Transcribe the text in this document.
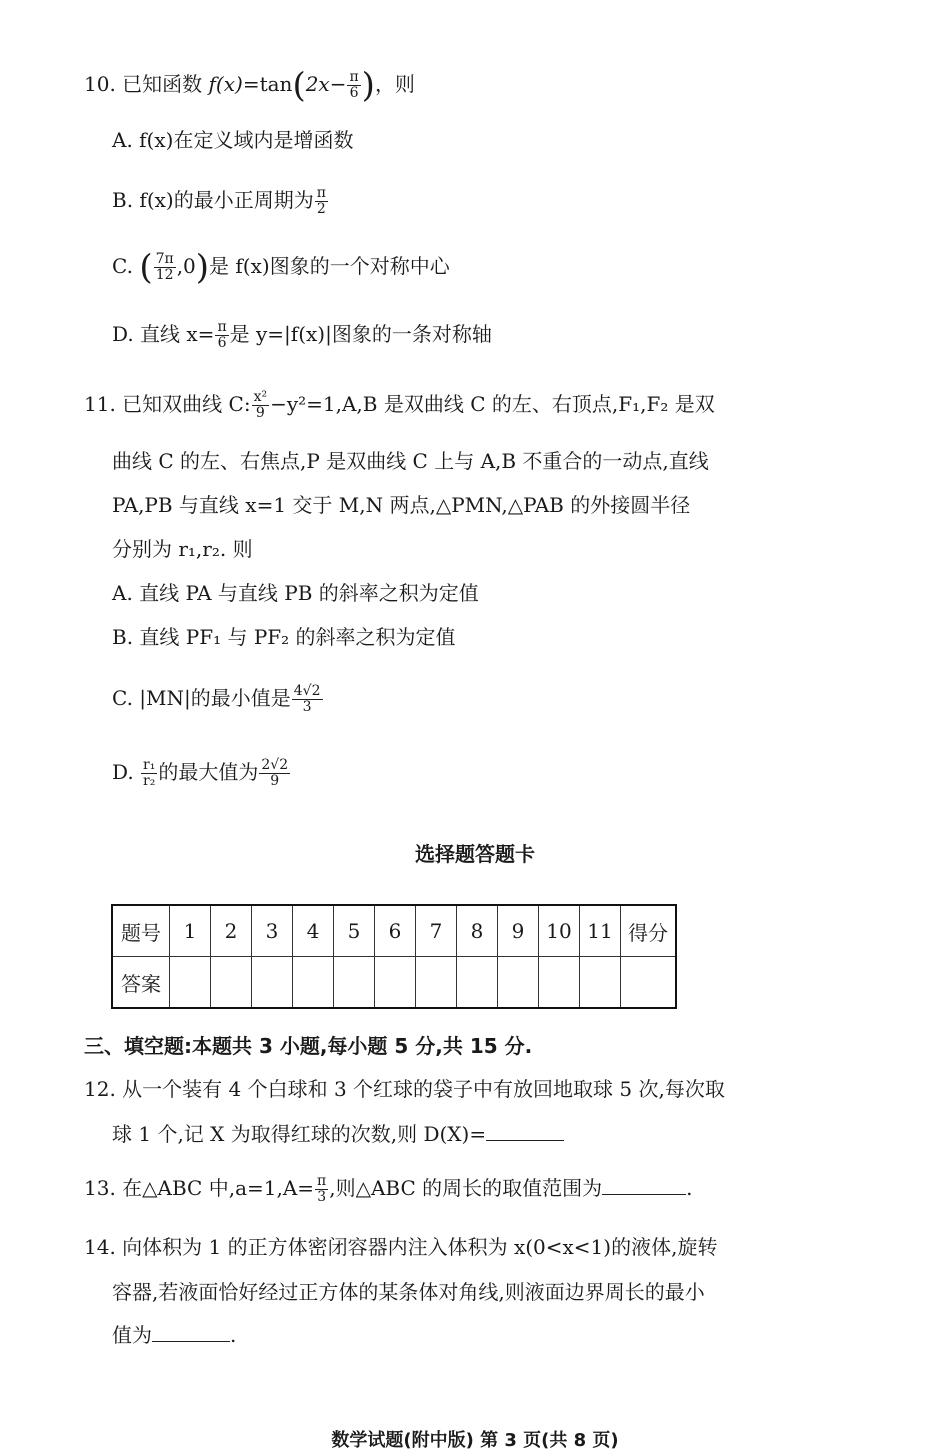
10. 已知函数 $f(x)=\tan(2x- \frac{\pi}{6}$ )，则
A. f(x)在定义域内是增函数
B. f(x)的最小正周期为 $\frac{\pi}{2}$
C. ( $\frac{7\pi}{12} ,0$)是 f(x)图象的一个对称中心
D. 直线 $x= \frac{\pi}{6}$ 是 y=|f(x)|图象的一条对称轴
11. 已知双曲线 C: $\frac{\text{x²}}{9} -y^2=1,A,B$ 是双曲线 C 的左、右顶点,F₁,F₂ 是双
曲线 C 的左、右焦点,P 是双曲线 C 上与 A,B 不重合的一动点,直线
PA,PB 与直线 x=1 交于 M,N 两点,△PMN,△PAB 的外接圆半径
分别为 r₁,r₂. 则
A. 直线 PA 与直线 PB 的斜率之积为定值
B. 直线 PF₁ 与 PF₂ 的斜率之积为定值
C. |MN|的最小值是 $\frac{4√2}{3}$
D. $\frac{\text{r₁}}{\text{r₂}}$ 的最大值为 $\frac{2√2}{9}$
选择题答题卡
题号	1	2	3	4	5	6	7	8	9	10	11	得分
答案												
三、填空题:本题共 3 小题,每小题 5 分,共 15 分.
12. 从一个装有 4 个白球和 3 个红球的袋子中有放回地取球 5 次,每次取
球 1 个,记 X 为取得红球的次数,则 D(X)=
13. 在△ABC 中$,a=1,A= \frac{\pi}{3}$ ,则△ABC 的周长的取值范围为	.
14. 向体积为 1 的正方体密闭容器内注入体积为 x(0<x<1)的液体,旋转
容器,若液面恰好经过正方体的某条体对角线,则液面边界周长的最小
值为	.
数学试题(附中版) 第 3 页(共 8 页)
